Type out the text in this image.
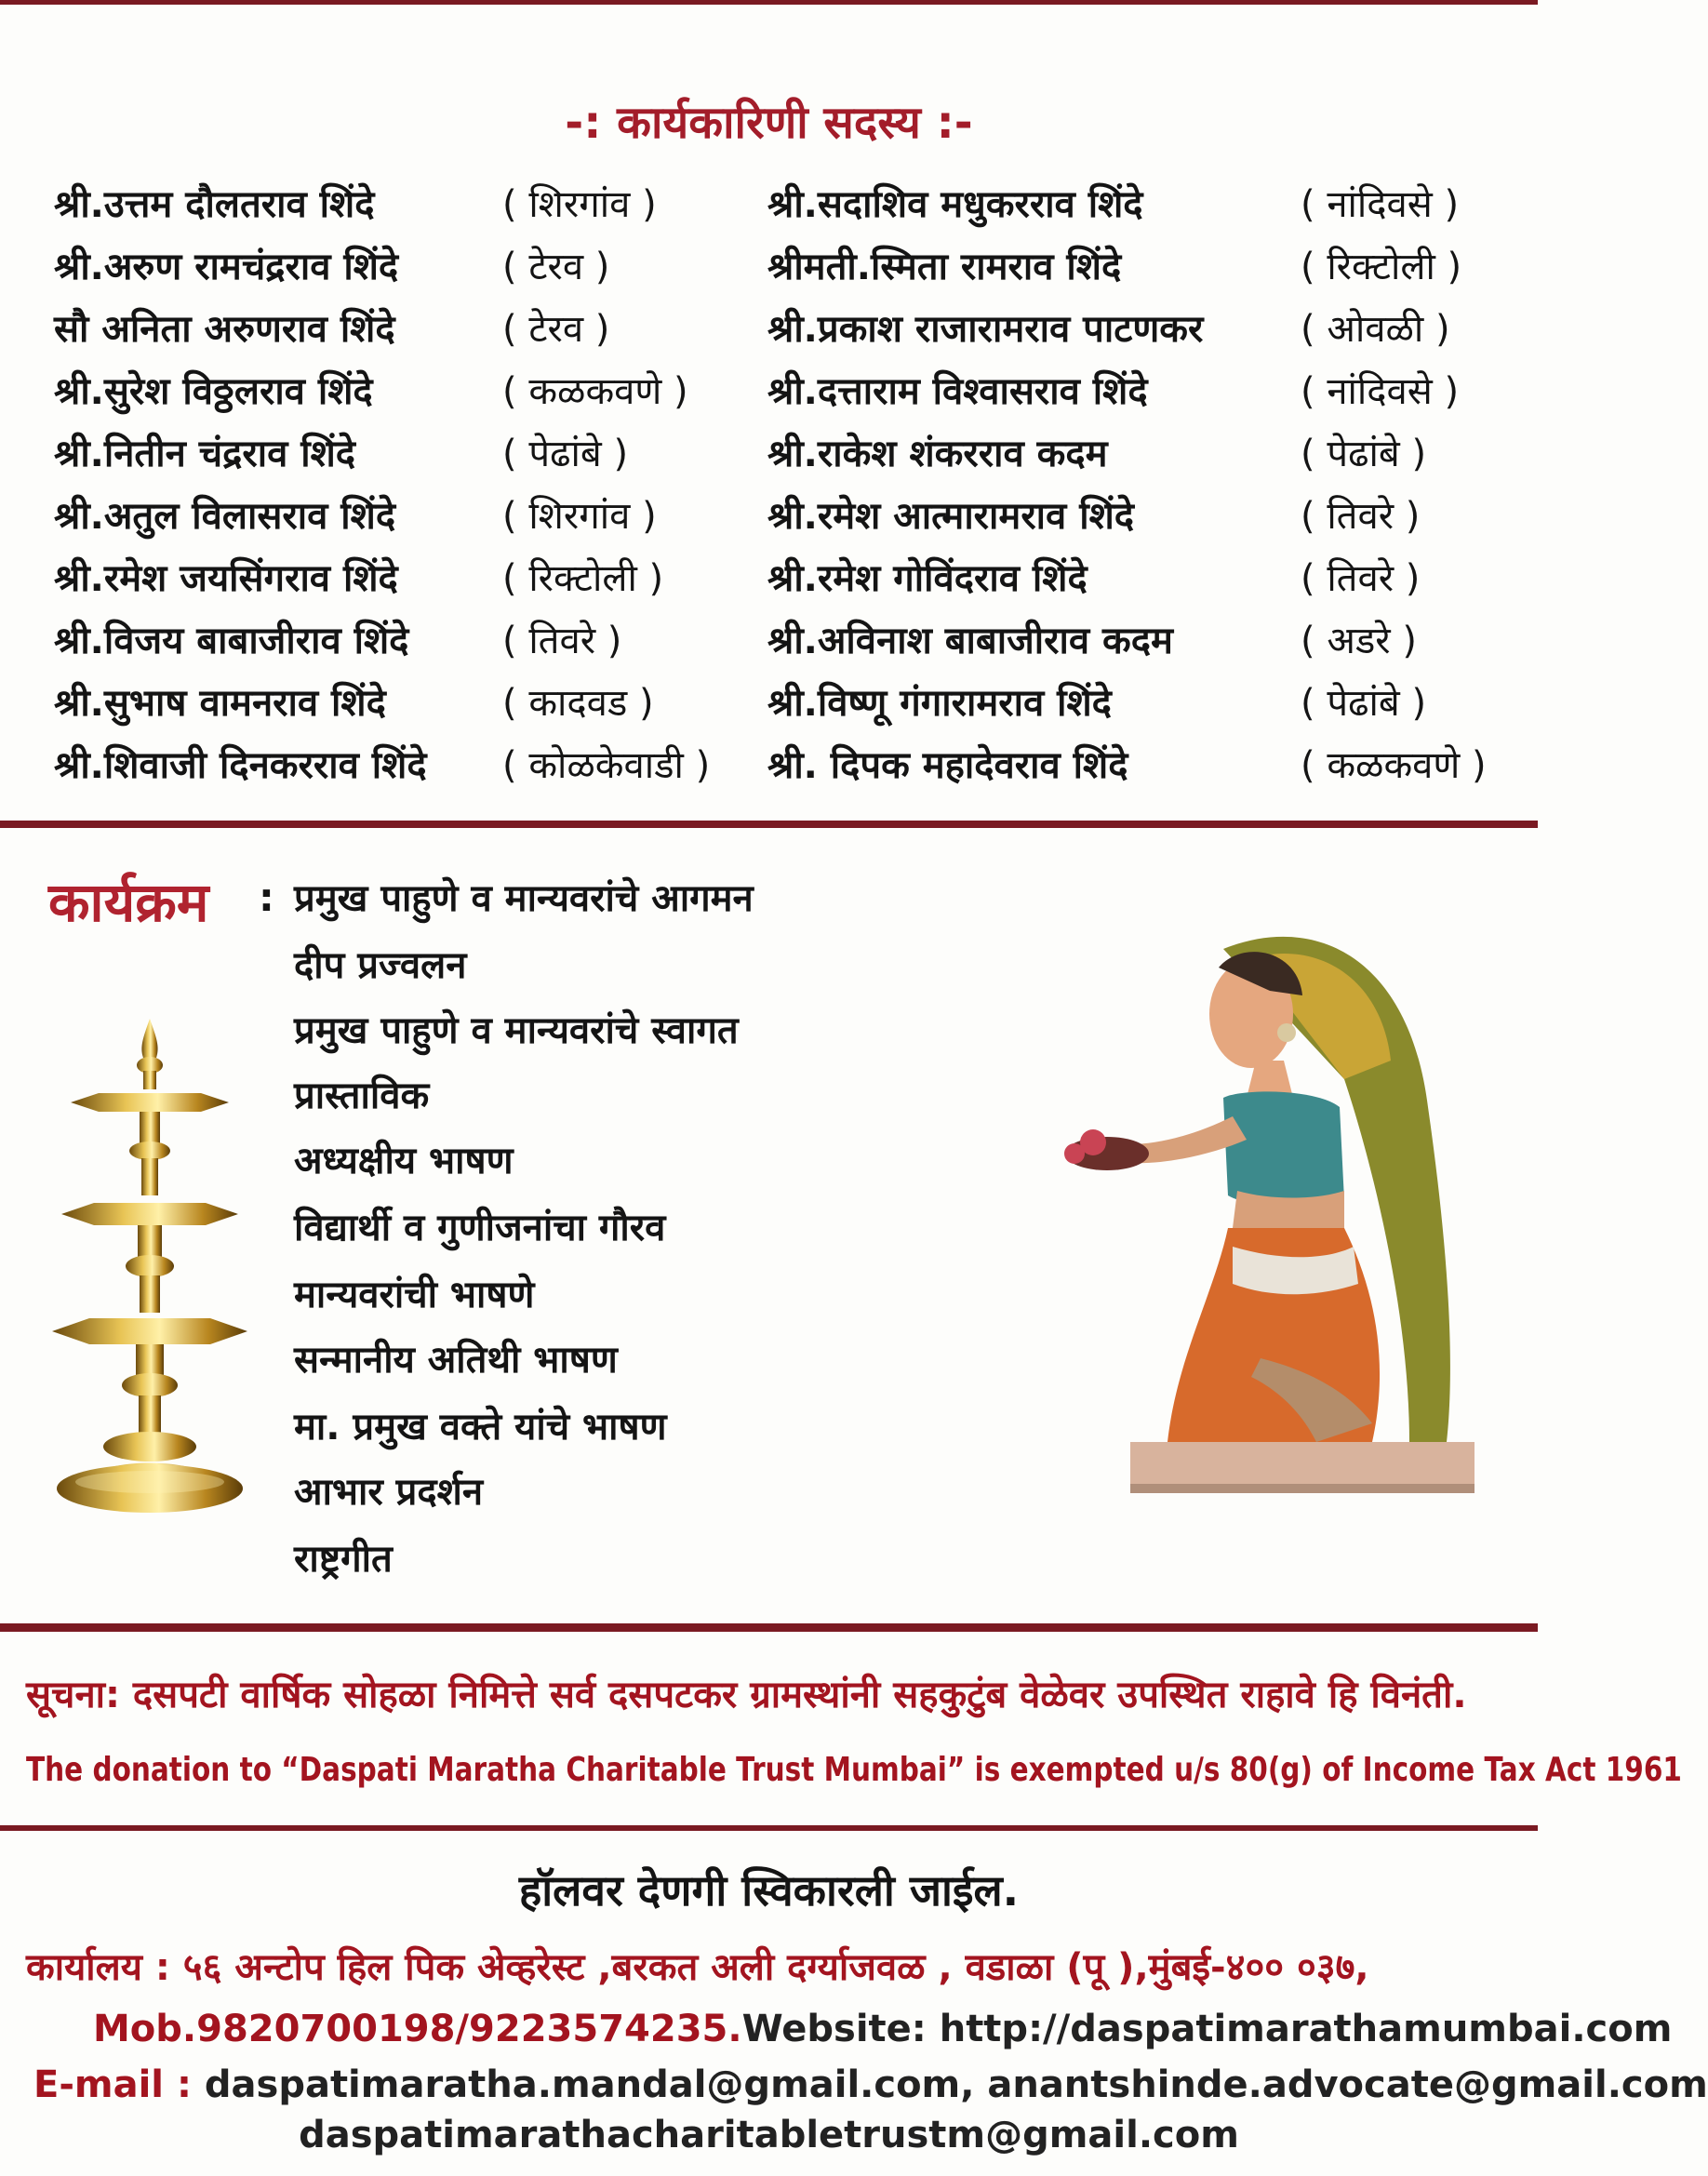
-: कार्यकारिणी सदस्य :-
श्री.उत्तम दौलतराव शिंदे	( शिरगांव )	श्री.सदाशिव मधुकरराव शिंदे	( नांदिवसे )
श्री.अरुण रामचंद्रराव शिंदे	( टेरव )	श्रीमती.स्मिता रामराव शिंदे	( रिक्टोली )
सौ अनिता अरुणराव शिंदे	( टेरव )	श्री.प्रकाश राजारामराव पाटणकर	( ओवळी )
श्री.सुरेश विठ्ठलराव शिंदे	( कळकवणे ) श्री.दत्ताराम विश्वासराव शिंदे	( नांदिवसे )
श्री.नितीन चंद्रराव शिंदे	( पेढांबे )	श्री.राकेश शंकरराव कदम	( पेढांबे )
श्री.अतुल विलासराव शिंदे	( शिरगांव )	श्री.रमेश आत्मारामराव शिंदे	( तिवरे )
श्री.रमेश जयसिंगराव शिंदे	( रिक्टोली )	श्री.रमेश गोविंदराव शिंदे	( तिवरे )
श्री.विजय बाबाजीराव शिंदे	( तिवरे )	श्री.अविनाश बाबाजीराव कदम	( अडरे )
श्री.सुभाष वामनराव शिंदे	( कादवड )	श्री.विष्णू गंगारामराव शिंदे	( पेढांबे )
श्री.शिवाजी दिनकरराव शिंदे ( कोळकेवाडी ) श्री. दिपक महादेवराव शिंदे	( कळकवणे )
कार्यक्रम : प्रमुख पाहुणे व मान्यवरांचे आगमन
दीप प्रज्वलन
प्रमुख पाहुणे व मान्यवरांचे स्वागत
प्रास्ताविक
अध्यक्षीय भाषण
विद्यार्थी व गुणीजनांचा गौरव
मान्यवरांची भाषणे
सन्मानीय अतिथी भाषण
मा. प्रमुख वक्ते यांचे भाषण
आभार प्रदर्शन
राष्ट्रगीत
सूचना: दसपटी वार्षिक सोहळा निमित्ते सर्व दसपटकर ग्रामस्थांनी सहकुटुंब वेळेवर उपस्थित राहावे हि विनंती.
The donation to “Daspati Maratha Charitable Trust Mumbai” is exempted u/s 80(g) of Income Tax Act 1961
हॉलवर देणगी स्विकारली जाईल.
कार्यालय : ५६ अन्टोप हिल पिक अेव्हरेस्ट ,बरकत अली दर्ग्याजवळ , वडाळा (पू ),मुंबई-४०० ०३७,
Mob.9820700198/9223574235.Website: http://daspatimarathamumbai.com
E-mail : daspatimaratha.mandal@gmail.com, anantshinde.advocate@gmail.com
daspatimarathacharitabletrustm@gmail.com
